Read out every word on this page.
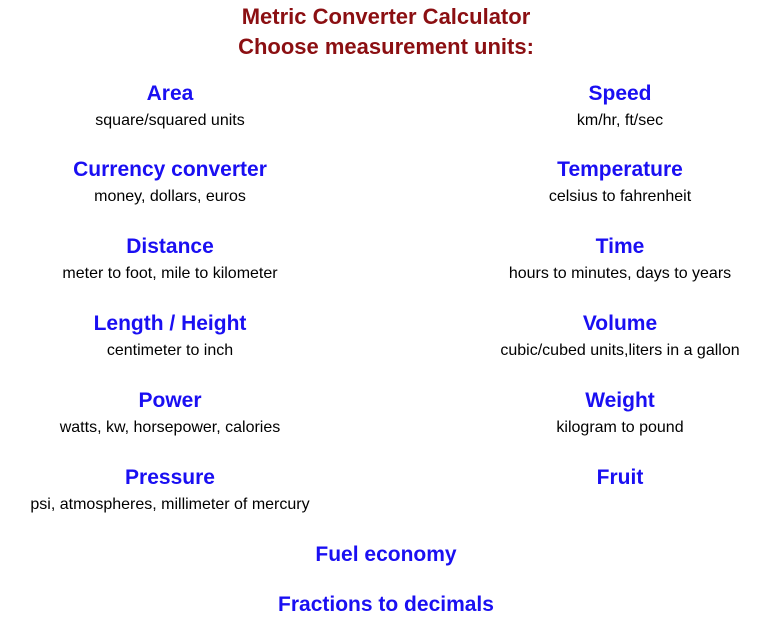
Metric Converter Calculator
Choose measurement units:
Area
square/squared units
Currency converter
money, dollars, euros
Distance
meter to foot, mile to kilometer
Length / Height
centimeter to inch
Power
watts, kw, horsepower, calories
Pressure
psi, atmospheres, millimeter of mercury
Speed
km/hr, ft/sec
Temperature
celsius to fahrenheit
Time
hours to minutes, days to years
Volume
cubic/cubed units,liters in a gallon
Weight
kilogram to pound
Fruit
Fuel economy
Fractions to decimals
